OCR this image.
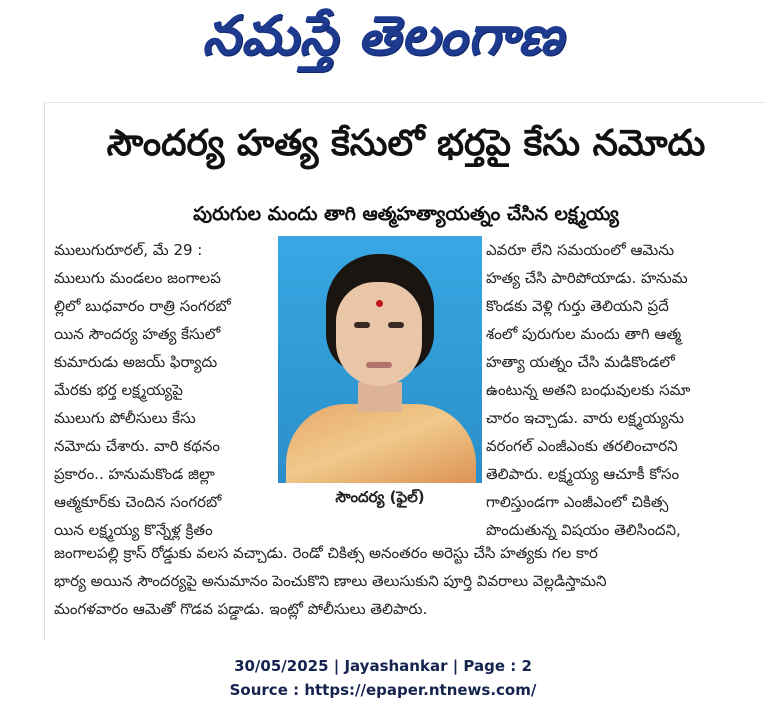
నమస్తే తెలంగాణ
సౌందర్య హత్య కేసులో భర్తపై కేసు నమోదు
పురుగుల మందు తాగి ఆత్మహత్యాయత్నం చేసిన లక్ష్మయ్య

ములుగురూరల్, మే 29 :

ములుగు మండలం జంగాలప

ల్లిలో బుధవారం రాత్రి సంగరబో

యిన సౌందర్య హత్య కేసులో

కుమారుడు అజయ్ ఫిర్యాదు

మేరకు భర్త లక్ష్మయ్యపై

ములుగు పోలీసులు కేసు

నమోదు చేశారు. వారి కథనం

ప్రకారం.. హనుమకొండ జిల్లా

ఆత్మకూర్‌కు చెందిన సంగరబో

యిన లక్ష్మయ్య కొన్నేళ్ల క్రితం

సౌందర్య (ఫైల్)

ఎవరూ లేని సమయంలో ఆమెను

హత్య చేసి పారిపోయాడు. హనుమ

కొండకు వెళ్లి గుర్తు తెలియని ప్రదే

శంలో పురుగుల మందు తాగి ఆత్మ

హత్యా యత్నం చేసి మడికొండలో

ఉంటున్న అతని బంధువులకు సమా

చారం ఇచ్చాడు. వారు లక్ష్మయ్యను

వరంగల్ ఎంజీఎంకు తరలించారని

తెలిపారు. లక్ష్మయ్య ఆచూకీ కోసం

గాలిస్తుండగా ఎంజీఎంలో చికిత్స

పొందుతున్న విషయం తెలిసిందని,

జంగాలపల్లి క్రాస్ రోడ్డుకు వలస వచ్చాడు. రెండో చికిత్స అనంతరం అరెస్టు చేసి హత్యకు గల కార

భార్య అయిన సౌందర్యపై అనుమానం పెంచుకొని ణాలు తెలుసుకుని పూర్తి వివరాలు వెల్లడిస్తామని

మంగళవారం ఆమెతో గొడవ పడ్డాడు. ఇంట్లో పోలీసులు తెలిపారు.

30/05/2025 | Jayashankar | Page : 2
Source : https://epaper.ntnews.com/
